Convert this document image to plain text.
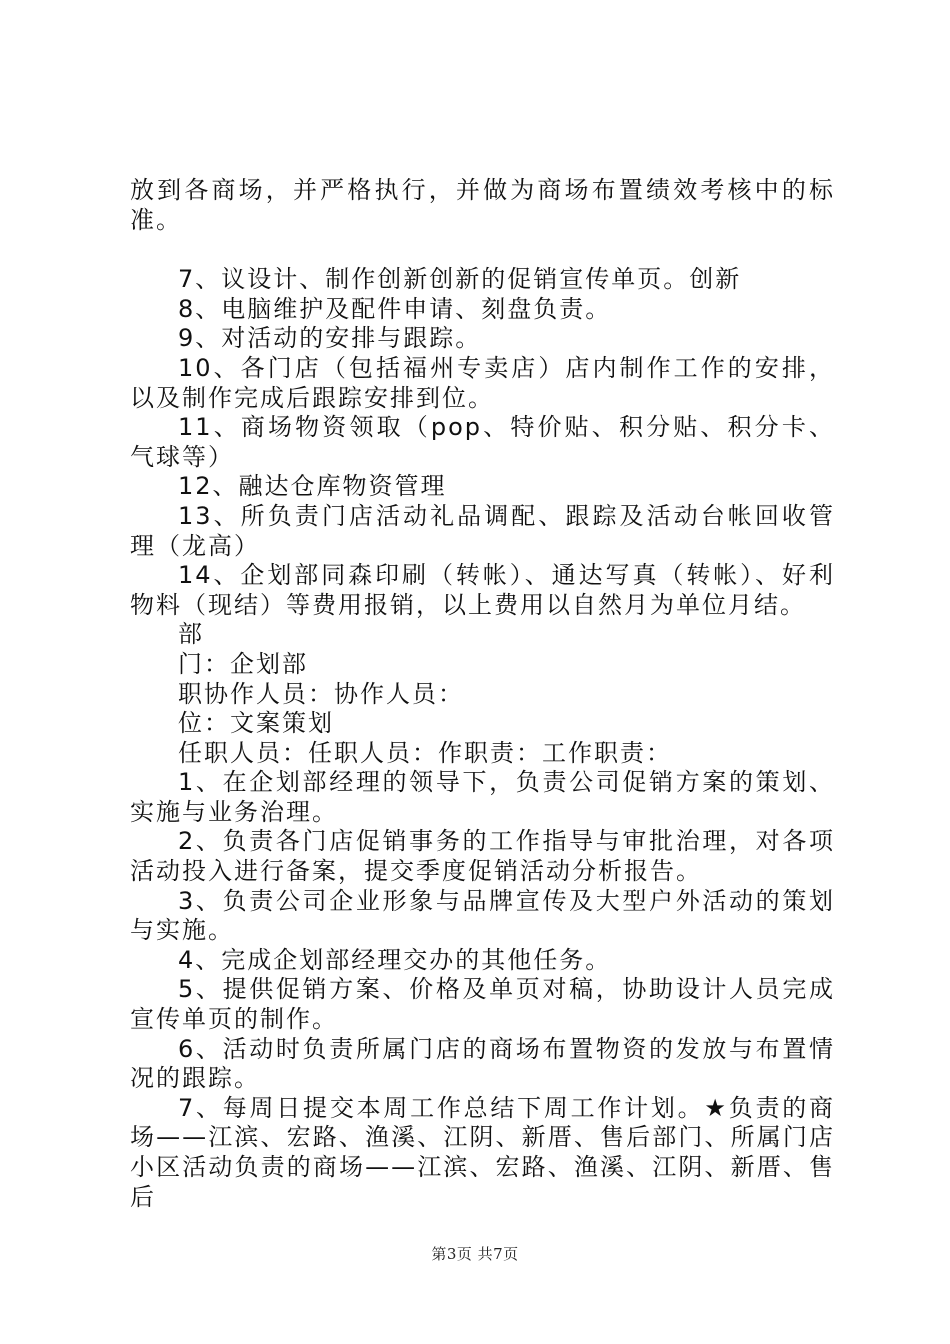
放到各商场，并严格执行，并做为商场布置绩效考核中的标准。

7、议设计、制作创新创新的促销宣传单页。创新

8、电脑维护及配件申请、刻盘负责。

9、对活动的安排与跟踪。

10、各门店（包括福州专卖店）店内制作工作的安排，以及制作完成后跟踪安排到位。

11、商场物资领取（pop、特价贴、积分贴、积分卡、气球等）

12、融达仓库物资管理

13、所负责门店活动礼品调配、跟踪及活动台帐回收管理（龙高）

14、企划部同森印刷（转帐）、通达写真（转帐）、好利物料（现结）等费用报销，以上费用以自然月为单位月结。

部

门：企划部

职协作人员：协作人员：

位：文案策划

任职人员：任职人员：作职责：工作职责：

1、在企划部经理的领导下，负责公司促销方案的策划、实施与业务治理。

2、负责各门店促销事务的工作指导与审批治理，对各项活动投入进行备案，提交季度促销活动分析报告。

3、负责公司企业形象与品牌宣传及大型户外活动的策划与实施。

4、完成企划部经理交办的其他任务。

5、提供促销方案、价格及单页对稿，协助设计人员完成宣传单页的制作。

6、活动时负责所属门店的商场布置物资的发放与布置情况的跟踪。

7、每周日提交本周工作总结下周工作计划。★负责的商场——江滨、宏路、渔溪、江阴、新厝、售后部门、所属门店小区活动负责的商场——江滨、宏路、渔溪、江阴、新厝、售后

第3页 共7页
